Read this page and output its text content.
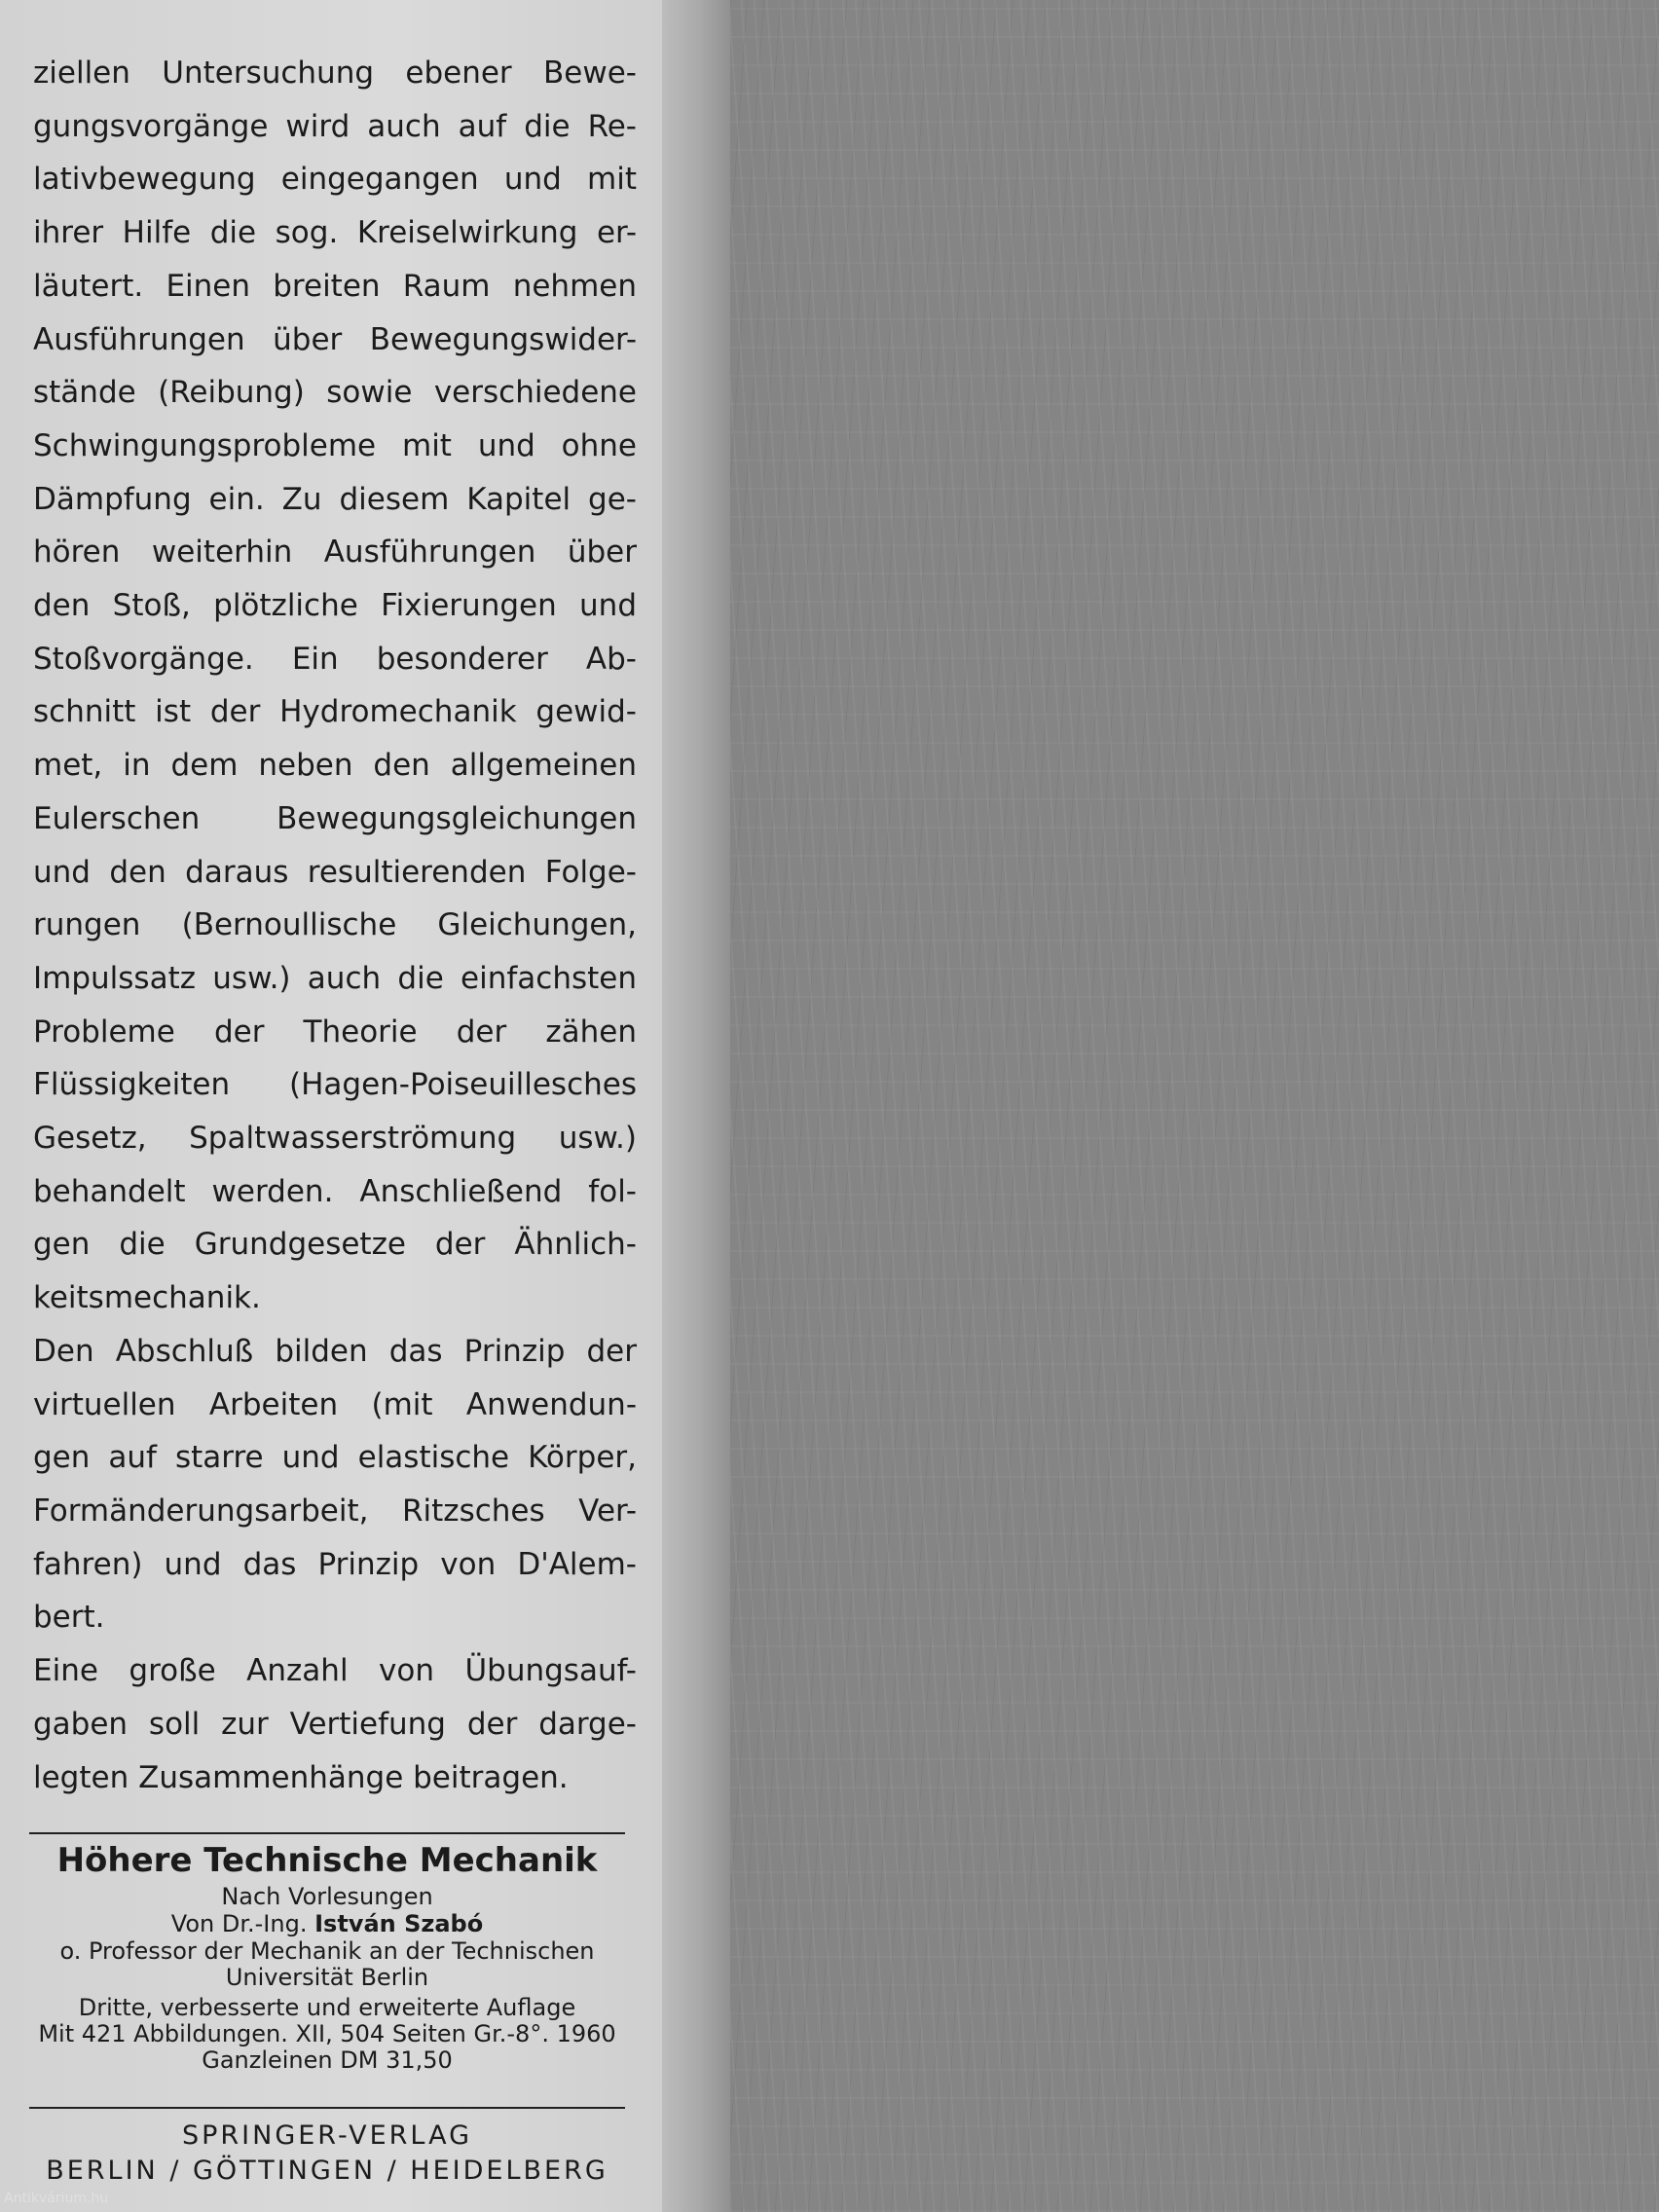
ziellen Untersuchung ebener Bewe-
gungsvorgänge wird auch auf die Re-
lativbewegung eingegangen und mit
ihrer Hilfe die sog. Kreiselwirkung er-
läutert. Einen breiten Raum nehmen
Ausführungen über Bewegungswider-
stände (Reibung) sowie verschiedene
Schwingungsprobleme mit und ohne
Dämpfung ein. Zu diesem Kapitel ge-
hören weiterhin Ausführungen über
den Stoß, plötzliche Fixierungen und
Stoßvorgänge. Ein besonderer Ab-
schnitt ist der Hydromechanik gewid-
met, in dem neben den allgemeinen
Eulerschen Bewegungsgleichungen
und den daraus resultierenden Folge-
rungen (Bernoullische Gleichungen,
Impulssatz usw.) auch die einfachsten
Probleme der Theorie der zähen
Flüssigkeiten (Hagen-Poiseuillesches
Gesetz, Spaltwasserströmung usw.)
behandelt werden. Anschließend fol-
gen die Grundgesetze der Ähnlich-
keitsmechanik.
Den Abschluß bilden das Prinzip der
virtuellen Arbeiten (mit Anwendun-
gen auf starre und elastische Körper,
Formänderungsarbeit, Ritzsches Ver-
fahren) und das Prinzip von D'Alem-
bert.
Eine große Anzahl von Übungsauf-
gaben soll zur Vertiefung der darge-
legten Zusammenhänge beitragen.
Höhere Technische Mechanik
Nach Vorlesungen
Von Dr.-Ing. István Szabó
o. Professor der Mechanik an der Technischen
Universität Berlin
Dritte, verbesserte und erweiterte Auflage
Mit 421 Abbildungen. XII, 504 Seiten Gr.-8°. 1960
Ganzleinen DM 31,50
SPRINGER-VERLAG
BERLIN / GÖTTINGEN / HEIDELBERG
Antikvárium.hu
